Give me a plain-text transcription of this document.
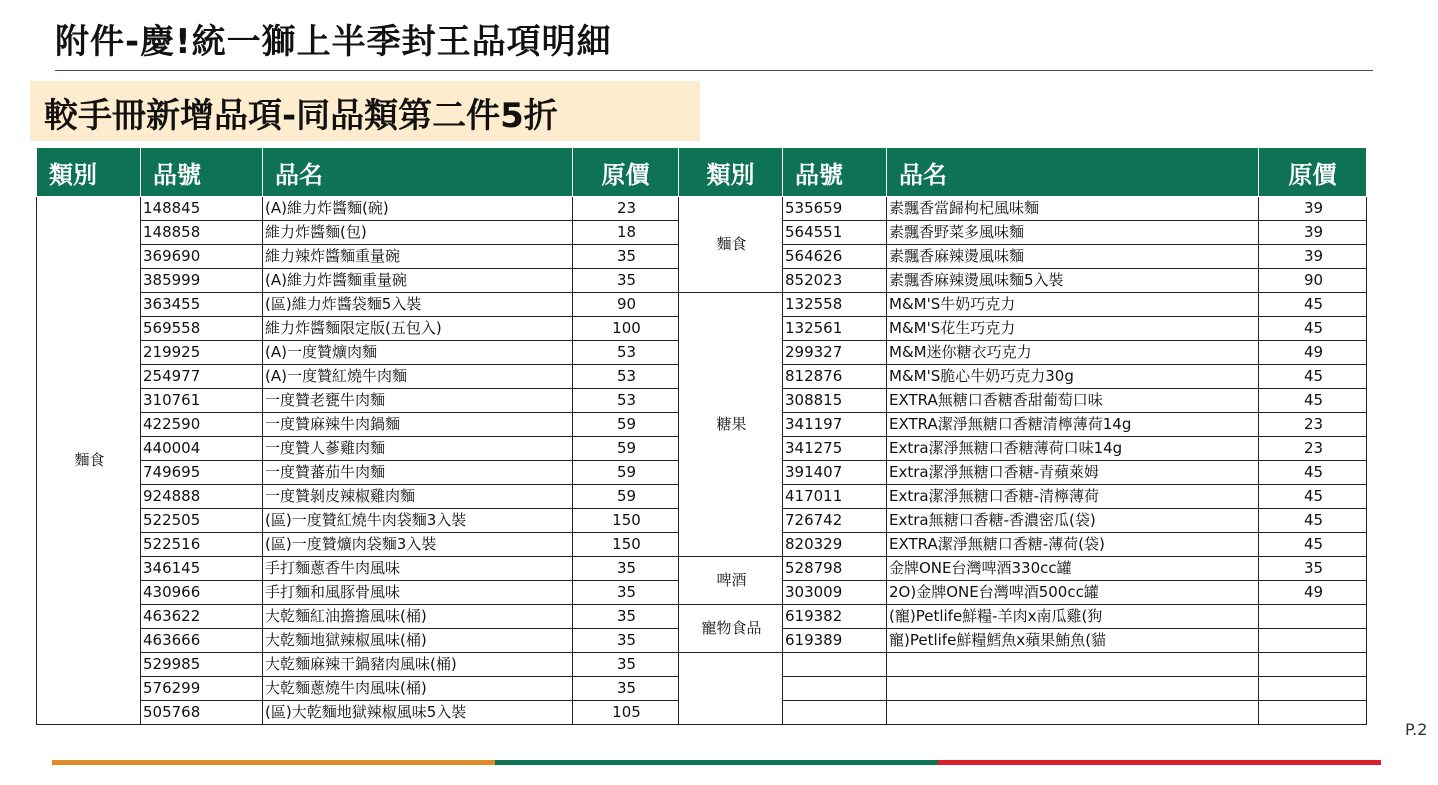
附件-慶!統一獅上半季封王品項明細
較手冊新增品項-同品類第二件5折
類別	品號	品名	原價	類別	品號	品名	原價
麵食	148845	(A)維力炸醬麵(碗)	23	麵食	535659	素飄香當歸枸杞風味麵	39
	148858	維力炸醬麵(包)	18		564551	素飄香野菜多風味麵	39
	369690	維力辣炸醬麵重量碗	35		564626	素飄香麻辣燙風味麵	39
	385999	(A)維力炸醬麵重量碗	35		852023	素飄香麻辣燙風味麵5入裝	90
	363455	(區)維力炸醬袋麵5入裝	90	糖果	132558	M&M'S牛奶巧克力	45
	569558	維力炸醬麵限定版(五包入)	100		132561	M&M'S花生巧克力	45
	219925	(A)一度贊爌肉麵	53		299327	M&M迷你糖衣巧克力	49
	254977	(A)一度贊紅燒牛肉麵	53		812876	M&M'S脆心牛奶巧克力30g	45
	310761	一度贊老甕牛肉麵	53		308815	EXTRA無糖口香糖香甜葡萄口味	45
	422590	一度贊麻辣牛肉鍋麵	59		341197	EXTRA潔淨無糖口香糖清檸薄荷14g	23
	440004	一度贊人蔘雞肉麵	59		341275	Extra潔淨無糖口香糖薄荷口味14g	23
	749695	一度贊蕃茄牛肉麵	59		391407	Extra潔淨無糖口香糖-青蘋萊姆	45
	924888	一度贊剝皮辣椒雞肉麵	59		417011	Extra潔淨無糖口香糖-清檸薄荷	45
	522505	(區)一度贊紅燒牛肉袋麵3入裝	150		726742	Extra無糖口香糖-香濃密瓜(袋)	45
	522516	(區)一度贊爌肉袋麵3入裝	150		820329	EXTRA潔淨無糖口香糖-薄荷(袋)	45
	346145	手打麵蔥香牛肉風味	35	啤酒	528798	金牌ONE台灣啤酒330cc罐	35
	430966	手打麵和風豚骨風味	35		303009	2O)金牌ONE台灣啤酒500cc罐	49
	463622	大乾麵紅油擔擔風味(桶)	35	寵物食品	619382	(寵)Petlife鮮糧-羊肉x南瓜雞(狗	
	463666	大乾麵地獄辣椒風味(桶)	35		619389	寵)Petlife鮮糧鱈魚x蘋果鮪魚(貓	
	529985	大乾麵麻辣干鍋豬肉風味(桶)	35				
	576299	大乾麵蔥燒牛肉風味(桶)	35				
	505768	(區)大乾麵地獄辣椒風味5入裝	105				
P.2
